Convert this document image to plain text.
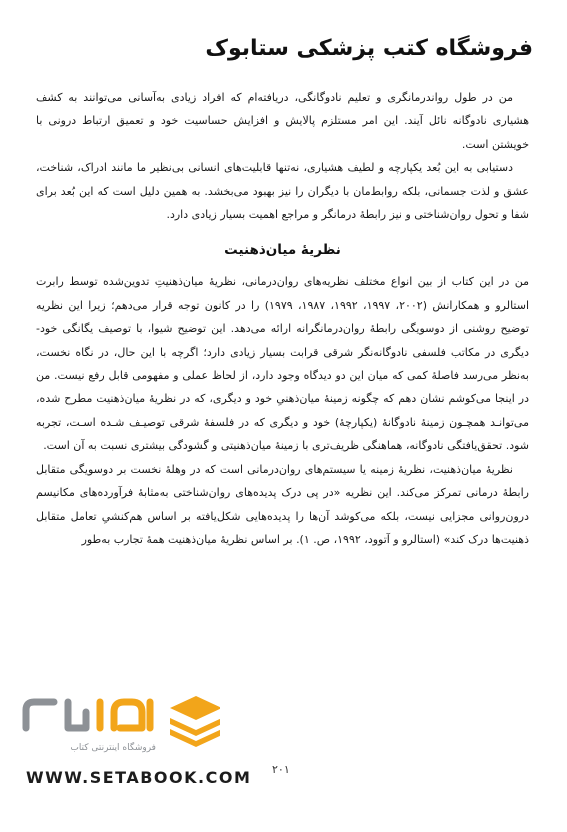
فروشگاه کتب پزشکی ستابوک

من در طول رواندرمانگری و تعلیم نادوگانگی، دریافته‌ام که افراد زیادی به‌آسانی می‌توانند به کشف هشیاری نادوگانه نائل آیند. این امر مستلزم پالایش و افزایش حساسیت خود و تعمیق ارتباط درونی با خویشتن است.

دستیابی به این بُعد یکپارچه و لطیف هشیاری، نه‌تنها قابلیت‌های انسانی بی‌نظیر ما مانند ادراک، شناخت، عشق و لذت جسمانی، بلکه روابط‌مان با دیگران را نیز بهبود می‌بخشد. به همین دلیل است که این بُعد برای شفا و تحول روان‌شناختی و نیز رابطهٔ درمانگر و مراجع اهمیت بسیار زیادی دارد.

نظریهٔ میان‌ذهنیت

من در این کتاب از بین انواع مختلف نظریه‌های روان‌درمانی، نظریهٔ میان‌ذهنیتِ تدوین‌شده توسط رابرت استالرو و همکارانش (۲۰۰۲، ۱۹۹۷، ۱۹۹۲، ۱۹۸۷، ۱۹۷۹) را در کانون توجه قرار می‌دهم؛ زیرا این نظریه توضیح روشنی از دوسویگی رابطهٔ روان‌درمانگرانه ارائه می‌دهد. این توضیح شیوا، با توصیف یگانگی خود-دیگری در مکاتب فلسفی نادوگانه‌نگر شرقی قرابت بسیار زیادی دارد؛ اگرچه با این حال، در نگاه نخست، به‌نظر می‌رسد فاصلهٔ کمی که میان این دو دیدگاه وجود دارد، از لحاظ عملی و مفهومی قابل رفع نیست. من در اینجا می‌کوشم نشان دهم که چگونه زمینهٔ میان‌ذهنیِ خود و دیگری، که در نظریهٔ میان‌ذهنیت مطرح شده، می‌توانـد همچـون زمینهٔ نادوگانهٔ (یکپارچهٔ) خود و دیگری که در فلسفهٔ شرقی توصیـف شـده اسـت، تجربه شود. تحقق‌یافتگی نادوگانه، هماهنگی ظریف‌تری با زمینهٔ میان‌ذهنیتی و گشودگی بیشتری نسبت به آن است.

نظریهٔ میان‌ذهنیت، نظریهٔ زمینه یا سیستم‌های روان‌درمانی است که در وهلهٔ نخست بر دوسویگی متقابل رابطهٔ درمانی تمرکز می‌کند. این نظریه «در پی درک پدیده‌های روان‌شناختی به‌مثابهٔ فرآورده‌های مکانیسم درون‌روانی مجزایی نیست، بلکه می‌کوشد آن‌ها را پدیده‌هایی شکل‌یافته بر اساس هم‌کنشیِ تعامل متقابل ذهنیت‌ها درک کند» (استالرو و آتوود، ۱۹۹۲، ص. ۱). بر اساس نظریهٔ میان‌ذهنیت همهٔ تجارب به‌طور

فروشگاه اینترنتی کتاب
WWW.SETABOOK.COM ۲۰۱
